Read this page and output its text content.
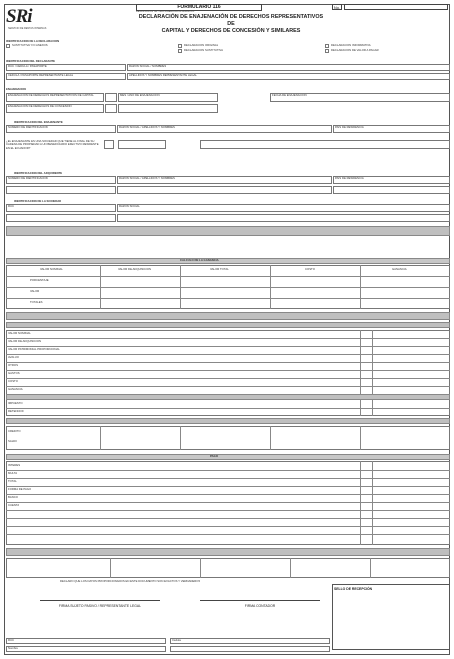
SRi
SERVICIO DE RENTAS INTERNAS
FORMULARIO 116
RESOLUCION No. NAC-DGERCGC15-00000XXX
DECLARACIÓN DE ENAJENACIÓN DE DERECHOS REPRESENTATIVOS DE
CAPITAL Y DERECHOS DE CONCESIÓN Y SIMILARES
No.
IDENTIFICACIÓN DE LA DECLARACIÓN
SUSTITUTIVA Y/O ANEXOS	DECLARACIÓN ORIGINAL
DECLARACIÓN SUSTITUTIVA
DECLARACIÓN INFORMATIVA
DECLARACIÓN DE VALOR A PAGAR
IDENTIFICACIÓN DEL DECLARANTE
RUC / CÉDULA / PASAPORTE	RAZÓN SOCIAL / NOMBRES
CÉDULA / PASAPORTE REPRESENTANTE LEGAL	APELLIDOS Y NOMBRES REPRESENTANTE LEGAL
ENAJENACIÓN
ENAJENACIÓN DE DERECHOS REPRESENTATIVOS DE CAPITAL	MES / AÑO DE ENAJENACIÓN	FECHA DE ENAJENACIÓN
ENAJENACIÓN DE DERECHOS DE CONCESIÓN
IDENTIFICACIÓN DEL ENAJENANTE
NÚMERO DE IDENTIFICACIÓN	RAZÓN SOCIAL / APELLIDOS Y NOMBRES	PAÍS DE RESIDENCIA
¿EL ENAJENANTE ES UNA SOCIEDAD QUE TIENE AL FINAL DE SU CADENA DE PROPIEDAD A UN BENEFICIARIO EFECTIVO RESIDENTE EN EL ECUADOR?
IDENTIFICACIÓN DEL ADQUIRENTE
NÚMERO DE IDENTIFICACIÓN	RAZÓN SOCIAL / APELLIDOS Y NOMBRES	PAÍS DE RESIDENCIA
IDENTIFICACIÓN DE LA SOCIEDAD
RUC	RAZÓN SOCIAL
CÁLCULO DE LA GANANCIA
VALOR NOMINAL	VALOR DE ADQUISICIÓN	VALOR TOTAL	COSTO	GANANCIA
PORCENTAJE
VALOR
TOTALES
VALOR NOMINAL
VALOR DE ADQUISICIÓN
VALOR PATRIMONIAL PROPORCIONAL
AVALÚO
OTROS
GASTOS
COSTO
GANANCIA
IMPUESTO
RETENCIÓN
CRÉDITO
SALDO
PAGO
INTERÉS
MULTA
TOTAL
FORMA DE PAGO
BANCO
CUENTA
DECLARO QUE LOS DATOS PROPORCIONADOS EN ESTE DOCUMENTO SON EXACTOS Y VERDADEROS
FIRMA SUJETO PASIVO / REPRESENTANTE LEGAL	FIRMA CONTADOR
RUC
Nombre
Cédula
SELLO DE RECEPCIÓN
